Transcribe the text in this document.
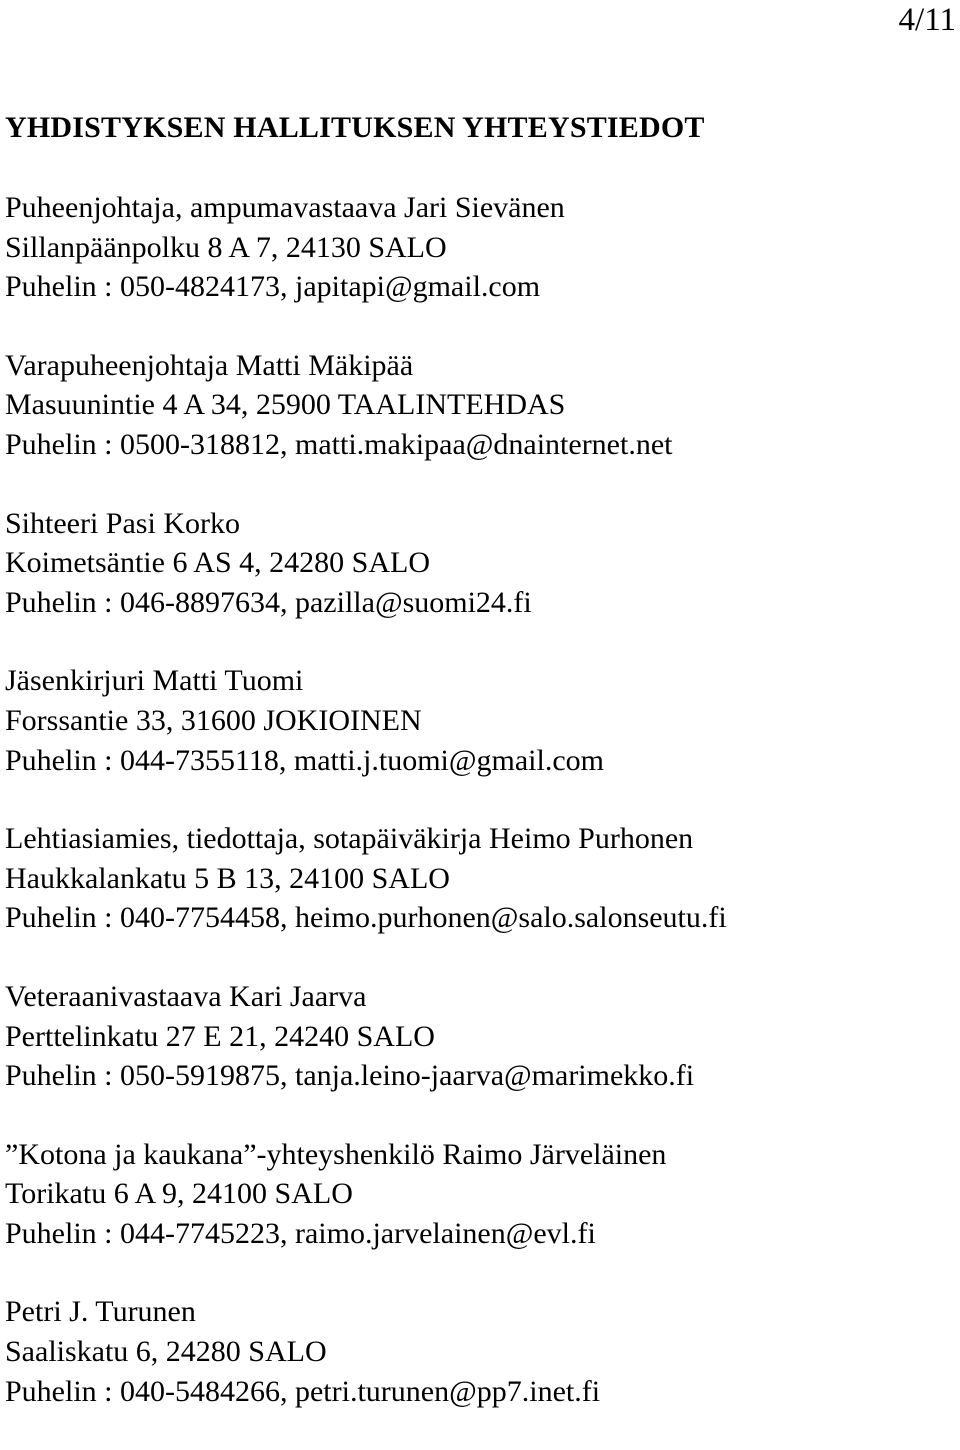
4/11
YHDISTYKSEN HALLITUKSEN YHTEYSTIEDOT
Puheenjohtaja, ampumavastaava Jari Sievänen
Sillanpäänpolku 8 A 7, 24130 SALO
Puhelin : 050-4824173, japitapi@gmail.com
Varapuheenjohtaja Matti Mäkipää
Masuunintie 4 A 34, 25900 TAALINTEHDAS
Puhelin : 0500-318812, matti.makipaa@dnainternet.net
Sihteeri Pasi Korko
Koimetsäntie 6 AS 4, 24280 SALO
Puhelin : 046-8897634, pazilla@suomi24.fi
Jäsenkirjuri Matti Tuomi
Forssantie 33, 31600 JOKIOINEN
Puhelin : 044-7355118, matti.j.tuomi@gmail.com
Lehtiasiamies, tiedottaja, sotapäiväkirja Heimo Purhonen
Haukkalankatu 5 B 13, 24100 SALO
Puhelin : 040-7754458, heimo.purhonen@salo.salonseutu.fi
Veteraanivastaava Kari Jaarva
Perttelinkatu 27 E 21, 24240 SALO
Puhelin : 050-5919875, tanja.leino-jaarva@marimekko.fi
”Kotona ja kaukana”-yhteyshenkilö Raimo Järveläinen
Torikatu 6 A 9, 24100 SALO
Puhelin : 044-7745223, raimo.jarvelainen@evl.fi
Petri J. Turunen
Saaliskatu 6, 24280 SALO
Puhelin : 040-5484266, petri.turunen@pp7.inet.fi
